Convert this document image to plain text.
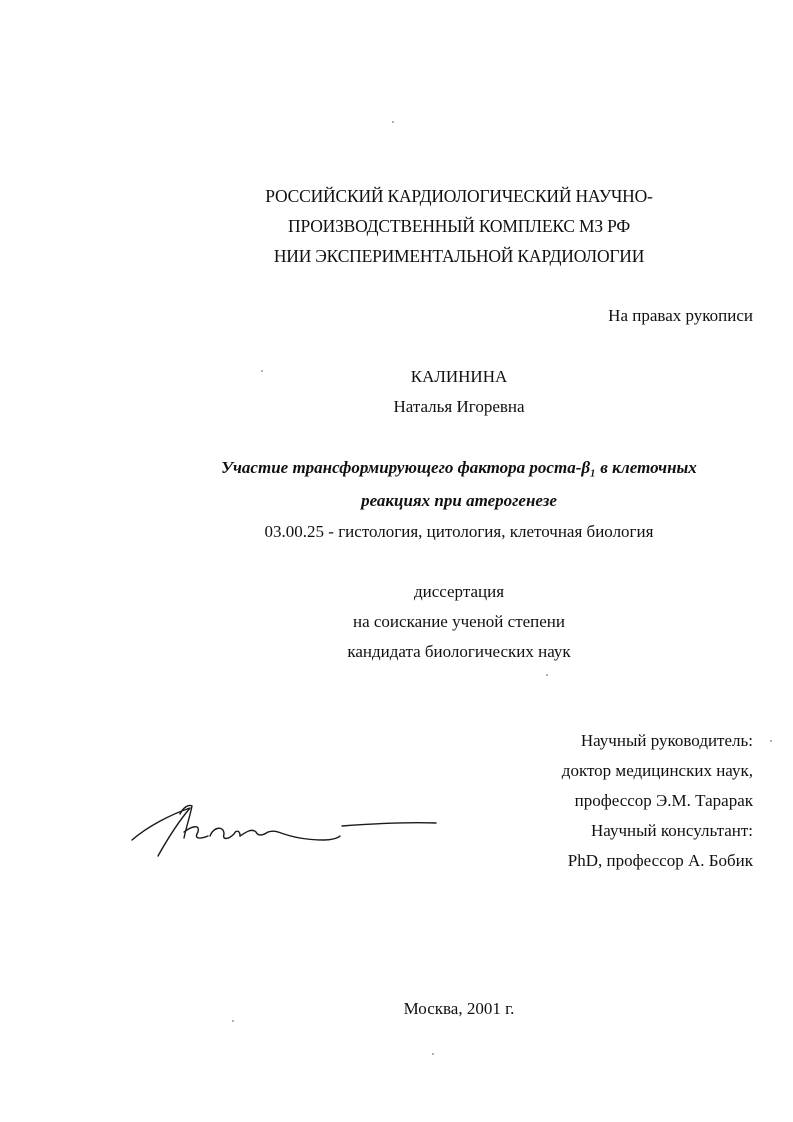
РОССИЙСКИЙ КАРДИОЛОГИЧЕСКИЙ НАУЧНО-
ПРОИЗВОДСТВЕННЫЙ КОМПЛЕКС МЗ РФ
НИИ ЭКСПЕРИМЕНТАЛЬНОЙ КАРДИОЛОГИИ
На правах рукописи
КАЛИНИНА
Наталья Игоревна
Участие трансформирующего фактора роста-β₁ в клеточных
реакциях при атерогенезе
03.00.25 - гистология, цитология, клеточная биология
диссертация
на соискание ученой степени
кандидата биологических наук
Научный руководитель:
доктор медицинских наук,
профессор Э.М. Тарарак
Научный консультант:
PhD, профессор А. Бобик
Москва, 2001 г.
